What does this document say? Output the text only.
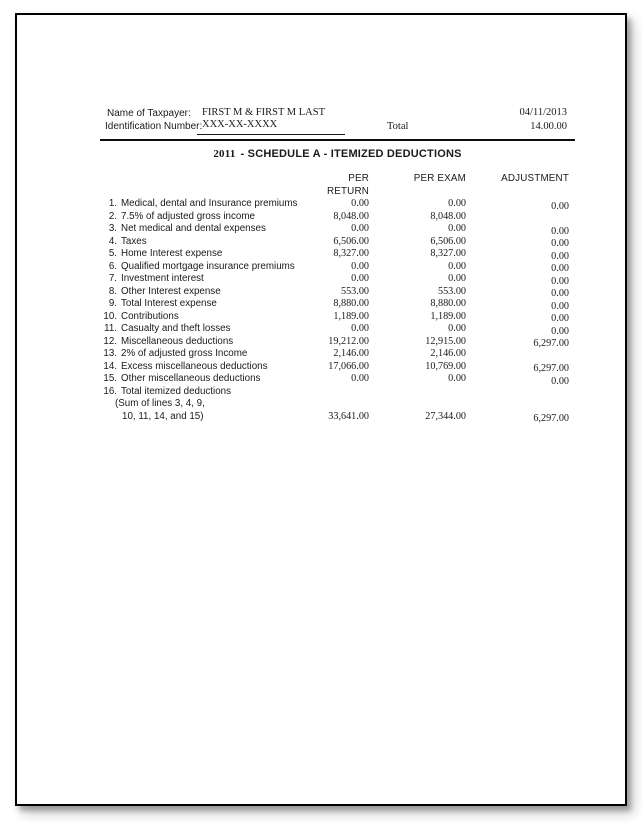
Name of Taxpayer: FIRST M & FIRST M LAST	04/11/2013
Identification Number: XXX-XX-XXXX	Total	14.00.00
2011 - SCHEDULE A - ITEMIZED DEDUCTIONS
PER RETURN
PER EXAM	ADJUSTMENT
1. Medical, dental and Insurance premiums	0.00	0.00	0.00
2. 7.5% of adjusted gross income	8,048.00	8,048.00
3. Net medical and dental expenses	0.00	0.00	0.00
4. Taxes	6,506.00	6,506.00	0.00
5. Home Interest expense	8,327.00	8,327.00	0.00
6. Qualified mortgage insurance premiums	0.00	0.00	0.00
7. Investment interest	0.00	0.00	0.00
8. Other Interest expense	553.00	553.00	0.00
9. Total Interest expense	8,880.00	8,880.00	0.00
10. Contributions	1,189.00	1,189.00	0.00
11. Casualty and theft losses	0.00	0.00	0.00
12. Miscellaneous deductions	19,212.00	12,915.00	6,297.00
13. 2% of adjusted gross Income	2,146.00	2,146.00
14. Excess miscellaneous deductions	17,066.00	10,769.00	6,297.00
15. Other miscellaneous deductions	0.00	0.00	0.00
16. Total itemized deductions
(Sum of lines 3, 4, 9,
10, 11, 14, and 15)	33,641.00	27,344.00	6,297.00
